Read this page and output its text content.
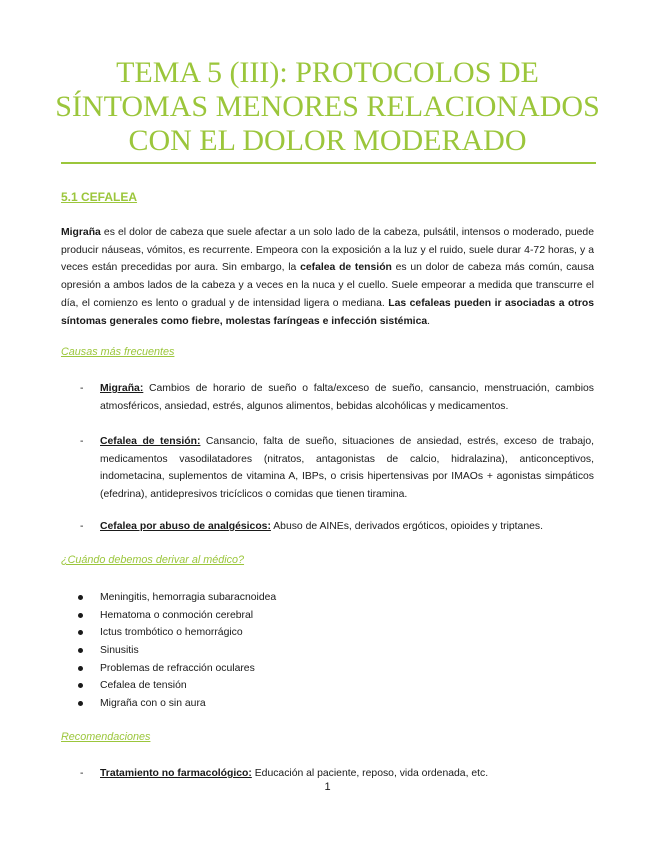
TEMA 5 (III): PROTOCOLOS DE
SÍNTOMAS MENORES RELACIONADOS
CON EL DOLOR MODERADO
5.1 CEFALEA

Migraña es el dolor de cabeza que suele afectar a un solo lado de la cabeza, pulsátil, intensos o moderado, puede producir náuseas, vómitos, es recurrente. Empeora con la exposición a la luz y el ruido, suele durar 4-72 horas, y a veces están precedidas por aura. Sin embargo, la cefalea de tensión es un dolor de cabeza más común, causa opresión a ambos lados de la cabeza y a veces en la nuca y el cuello. Suele empeorar a medida que transcurre el día, el comienzo es lento o gradual y de intensidad ligera o mediana. Las cefaleas pueden ir asociadas a otros síntomas generales como fiebre, molestas faríngeas e infección sistémica.

Causas más frecuentes
- Migraña: Cambios de horario de sueño o falta/exceso de sueño, cansancio, menstruación, cambios atmosféricos, ansiedad, estrés, algunos alimentos, bebidas alcohólicas y medicamentos.
- Cefalea de tensión: Cansancio, falta de sueño, situaciones de ansiedad, estrés, exceso de trabajo, medicamentos vasodilatadores (nitratos, antagonistas de calcio, hidralazina), anticonceptivos, indometacina, suplementos de vitamina A, IBPs, o crisis hipertensivas por IMAOs + agonistas simpáticos (efedrina), antidepresivos tricíclicos o comidas que tienen tiramina.
- Cefalea por abuso de analgésicos: Abuso de AINEs, derivados ergóticos, opioides y triptanes.
¿Cuándo debemos derivar al médico?
Meningitis, hemorragia subaracnoidea
Hematoma o conmoción cerebral
Ictus trombótico o hemorrágico
Sinusitis
Problemas de refracción oculares
Cefalea de tensión
Migraña con o sin aura
Recomendaciones
- Tratamiento no farmacológico: Educación al paciente, reposo, vida ordenada, etc.
1
